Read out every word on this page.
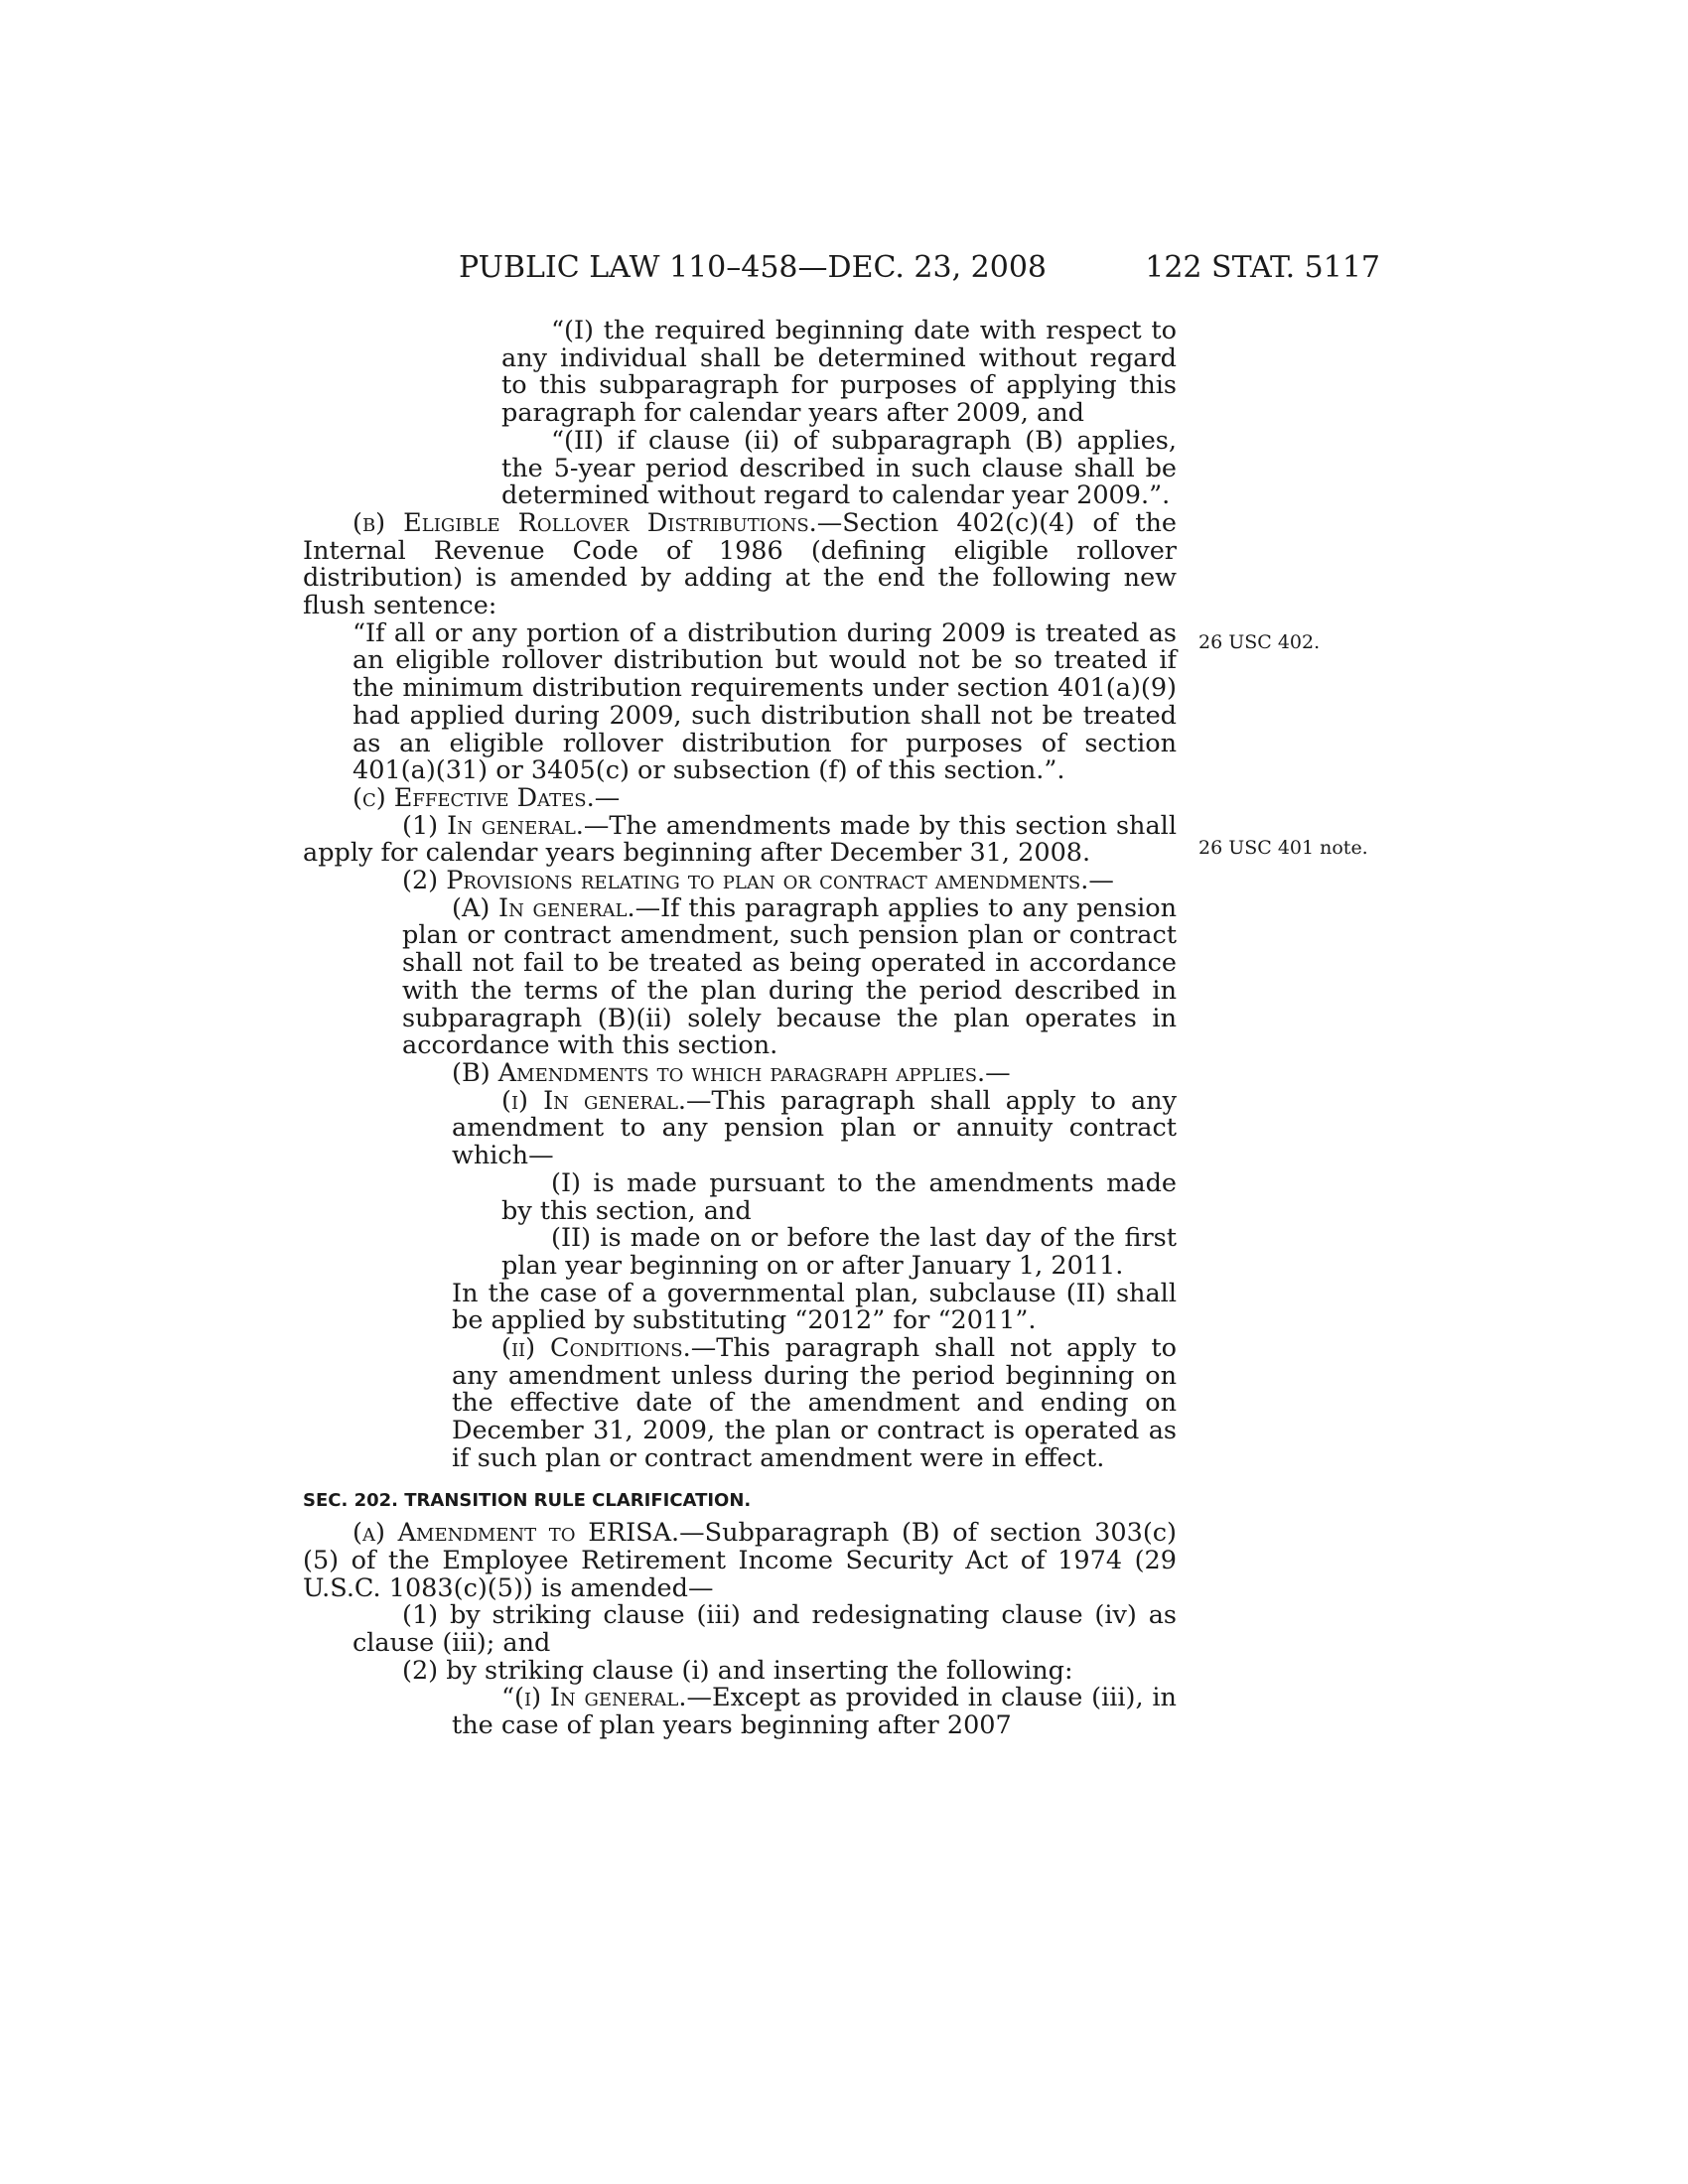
PUBLIC LAW 110–458—DEC. 23, 2008	122 STAT. 5117
26 USC 402.
26 USC 401 note.

“(I) the required beginning date with respect to any individual shall be determined without regard to this subparagraph for purposes of applying this paragraph for calendar years after 2009, and

“(II) if clause (ii) of subparagraph (B) applies, the 5-year period described in such clause shall be determined without regard to calendar year 2009.”.

(b) Eligible Rollover Distributions.—Section 402(c)(4) of the Internal Revenue Code of 1986 (defining eligible rollover distribution) is amended by adding at the end the following new flush sentence:

“If all or any portion of a distribution during 2009 is treated as an eligible rollover distribution but would not be so treated if the minimum distribution requirements under section 401(a)(9) had applied during 2009, such distribution shall not be treated as an eligible rollover distribution for purposes of section 401(a)(31) or 3405(c) or subsection (f) of this section.”.

(c) Effective Dates.—

(1) In general.—The amendments made by this section shall apply for calendar years beginning after December 31, 2008.

(2) Provisions relating to plan or contract amendments.—

(A) In general.—If this paragraph applies to any pension plan or contract amendment, such pension plan or contract shall not fail to be treated as being operated in accordance with the terms of the plan during the period described in subparagraph (B)(ii) solely because the plan operates in accordance with this section.

(B) Amendments to which paragraph applies.—

(i) In general.—This paragraph shall apply to any amendment to any pension plan or annuity contract which—

(I) is made pursuant to the amendments made by this section, and

(II) is made on or before the last day of the first plan year beginning on or after January 1, 2011.

In the case of a governmental plan, subclause (II) shall be applied by substituting “2012” for “2011”.

(ii) Conditions.—This paragraph shall not apply to any amendment unless during the period beginning on the effective date of the amendment and ending on December 31, 2009, the plan or contract is operated as if such plan or contract amendment were in effect.

SEC. 202. TRANSITION RULE CLARIFICATION.

(a) Amendment to ERISA.—Subparagraph (B) of section 303(c)(5) of the Employee Retirement Income Security Act of 1974 (29 U.S.C. 1083(c)(5)) is amended—

(1) by striking clause (iii) and redesignating clause (iv) as clause (iii); and

(2) by striking clause (i) and inserting the following:

“(i) In general.—Except as provided in clause (iii), in the case of plan years beginning after 2007
